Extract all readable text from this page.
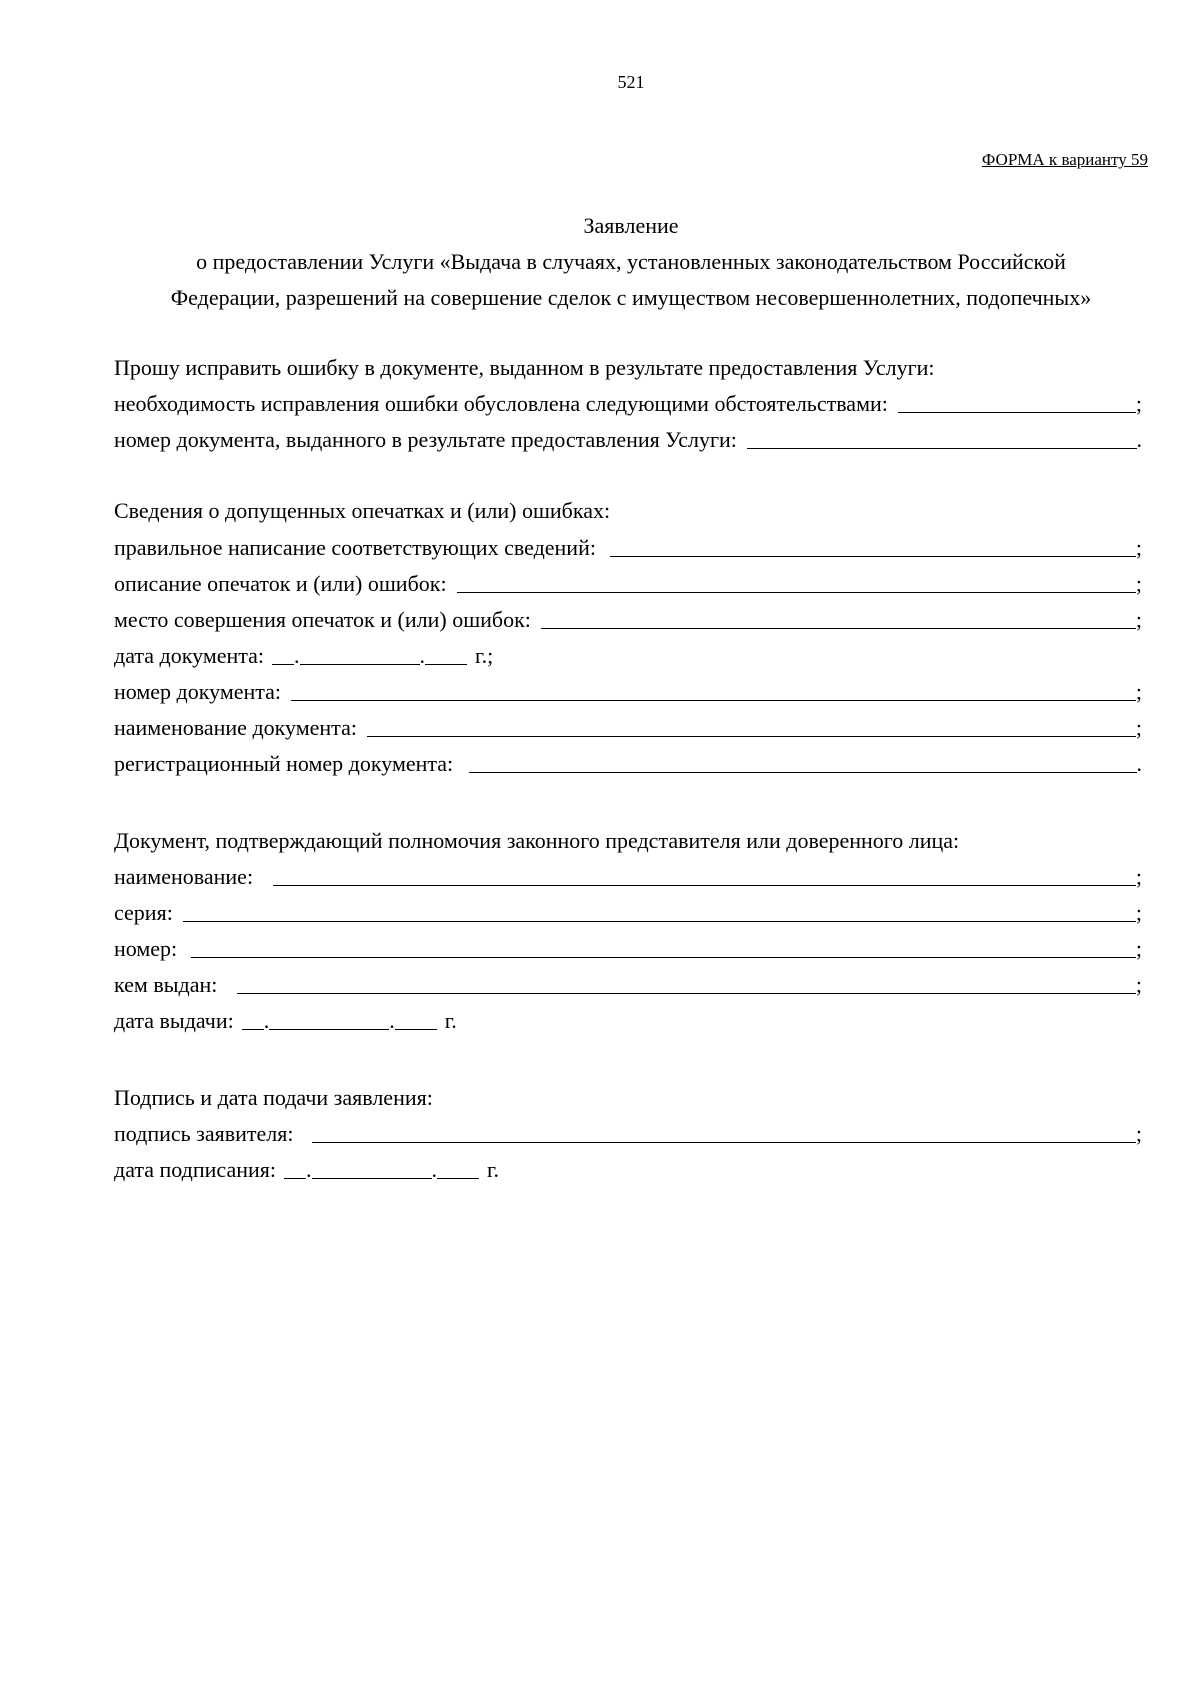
521
ФОРМА к варианту 59
Заявление
о предоставлении Услуги «Выдача в случаях, установленных законодательством Российской
Федерации, разрешений на совершение сделок с имуществом несовершеннолетних, подопечных»
Прошу исправить ошибку в документе, выданном в результате предоставления Услуги:
необходимость исправления ошибки обусловлена следующими обстоятельствами:	;
номер документа, выданного в результате предоставления Услуги:	.
Сведения о допущенных опечатках и (или) ошибках:
правильное написание соответствующих сведений:	;
описание опечаток и (или) ошибок:	;
место совершения опечаток и (или) ошибок:	;
дата документа: .	. г.;
номер документа:	;
наименование документа:	;
регистрационный номер документа:	.
Документ, подтверждающий полномочия законного представителя или доверенного лица:
наименование:	;
серия:	;
номер:	;
кем выдан:	;
дата выдачи: .	. г.
Подпись и дата подачи заявления:
подпись заявителя:	;
дата подписания: .	. г.
